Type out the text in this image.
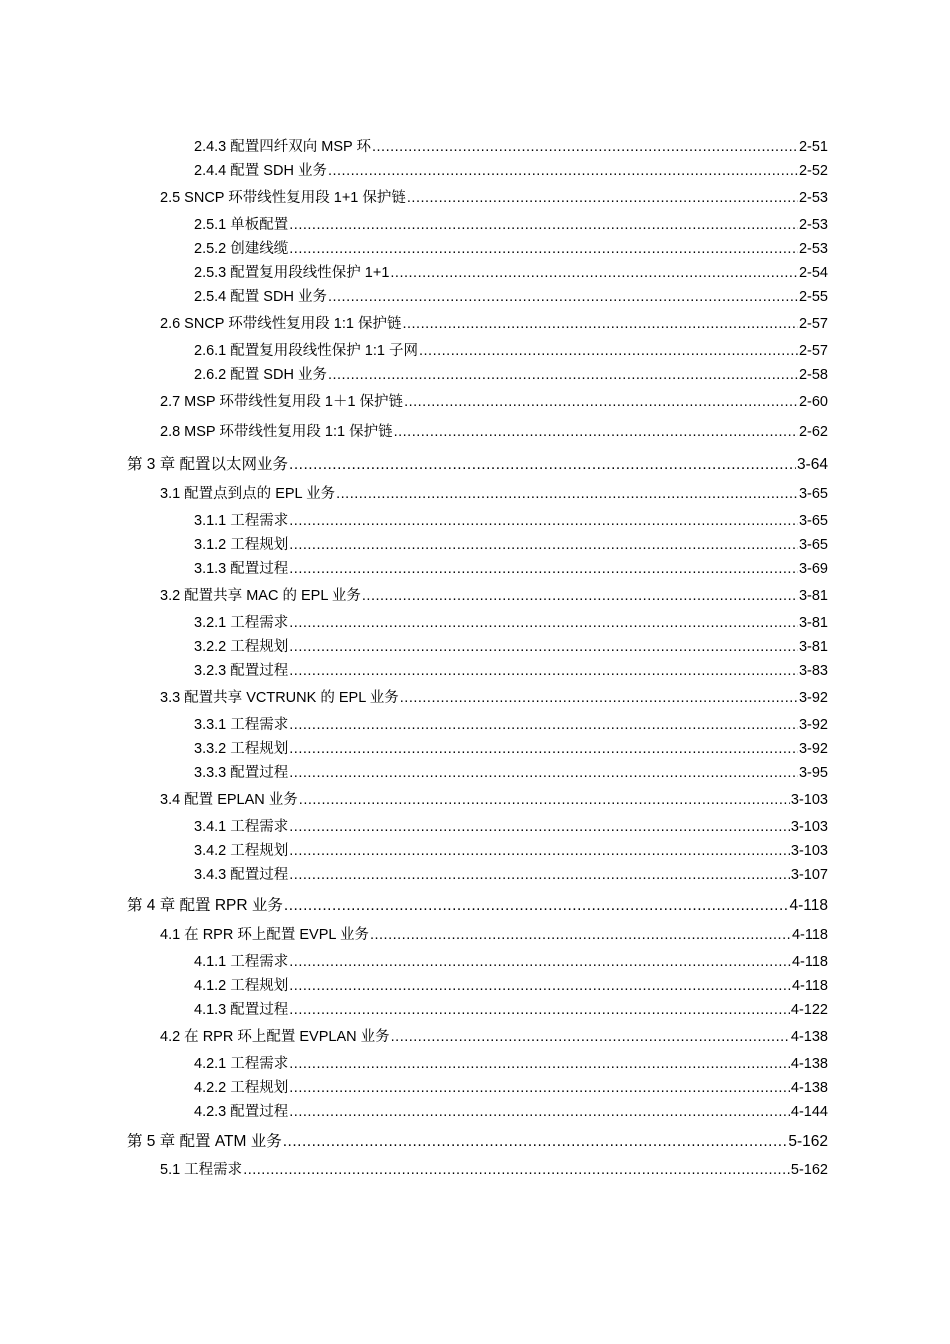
2.4.3 配置四纤双向 MSP 环 .....	2-51
2.4.4 配置 SDH 业务 .....	2-52
2.5 SNCP 环带线性复用段 1+1 保护链 .....	2-53
2.5.1 单板配置 .....	2-53
2.5.2 创建线缆 .....	2-53
2.5.3 配置复用段线性保护 1+1 .....	2-54
2.5.4 配置 SDH 业务 .....	2-55
2.6 SNCP 环带线性复用段 1:1 保护链 .....	2-57
2.6.1 配置复用段线性保护 1:1 子网 .....	2-57
2.6.2 配置 SDH 业务 .....	2-58
2.7 MSP 环带线性复用段 1＋1 保护链 .....	2-60
2.8 MSP 环带线性复用段 1:1 保护链 .....	2-62
第 3 章 配置以太网业务 .....	3-64
3.1 配置点到点的 EPL 业务 .....	3-65
3.1.1 工程需求 .....	3-65
3.1.2 工程规划 .....	3-65
3.1.3 配置过程 .....	3-69
3.2 配置共享 MAC 的 EPL 业务 .....	3-81
3.2.1 工程需求 .....	3-81
3.2.2 工程规划 .....	3-81
3.2.3 配置过程 .....	3-83
3.3 配置共享 VCTRUNK 的 EPL 业务 .....	3-92
3.3.1 工程需求 .....	3-92
3.3.2 工程规划 .....	3-92
3.3.3 配置过程 .....	3-95
3.4 配置 EPLAN 业务 .....	3-103
3.4.1 工程需求 .....	3-103
3.4.2 工程规划 .....	3-103
3.4.3 配置过程 .....	3-107
第 4 章 配置 RPR 业务 .....	4-118
4.1 在 RPR 环上配置 EVPL 业务 .....	4-118
4.1.1 工程需求 .....	4-118
4.1.2 工程规划 .....	4-118
4.1.3 配置过程 .....	4-122
4.2 在 RPR 环上配置 EVPLAN 业务 .....	4-138
4.2.1 工程需求 .....	4-138
4.2.2 工程规划 .....	4-138
4.2.3 配置过程 .....	4-144
第 5 章 配置 ATM 业务 .....	5-162
5.1 工程需求 .....	5-162
